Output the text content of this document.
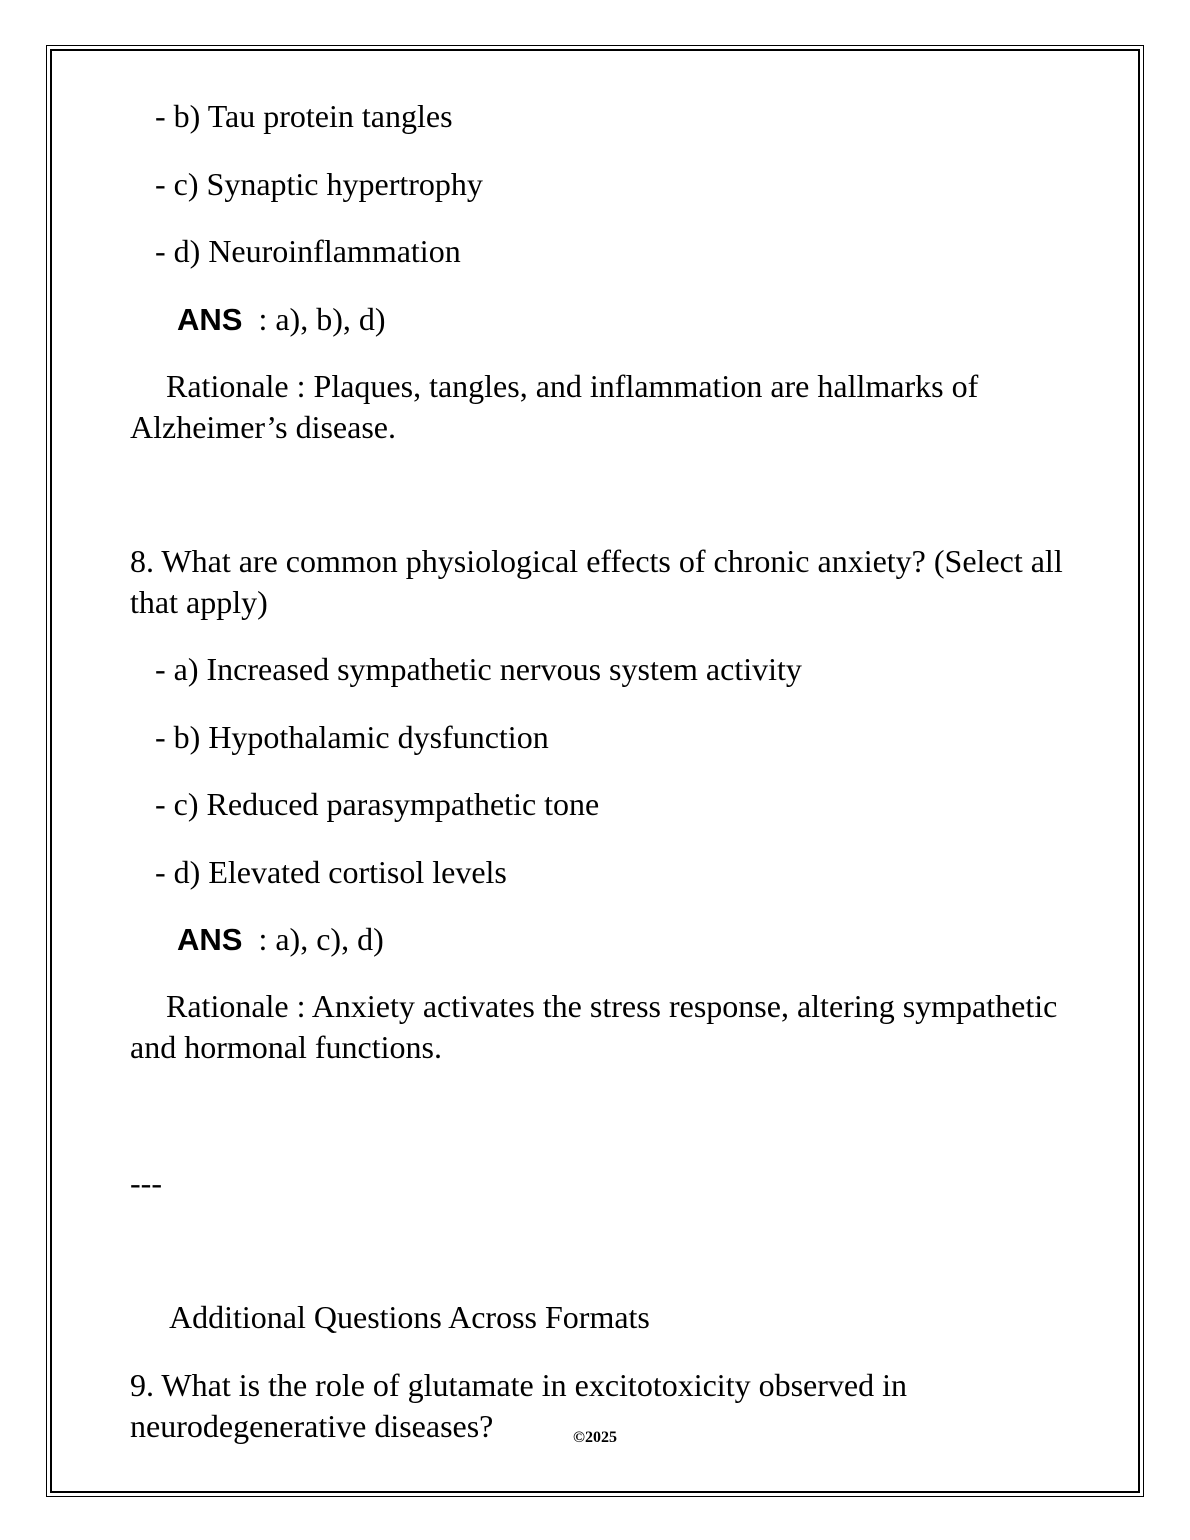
- b) Tau protein tangles

- c) Synaptic hypertrophy

- d) Neuroinflammation

ANS : a), b), d)

Rationale : Plaques, tangles, and inflammation are hallmarks of Alzheimer’s disease.

8. What are common physiological effects of chronic anxiety? (Select all that apply)

- a) Increased sympathetic nervous system activity

- b) Hypothalamic dysfunction

- c) Reduced parasympathetic tone

- d) Elevated cortisol levels

ANS : a), c), d)

Rationale : Anxiety activates the stress response, altering sympathetic and hormonal functions.

---

Additional Questions Across Formats

9. What is the role of glutamate in excitotoxicity observed in neurodegenerative diseases?	©2025
